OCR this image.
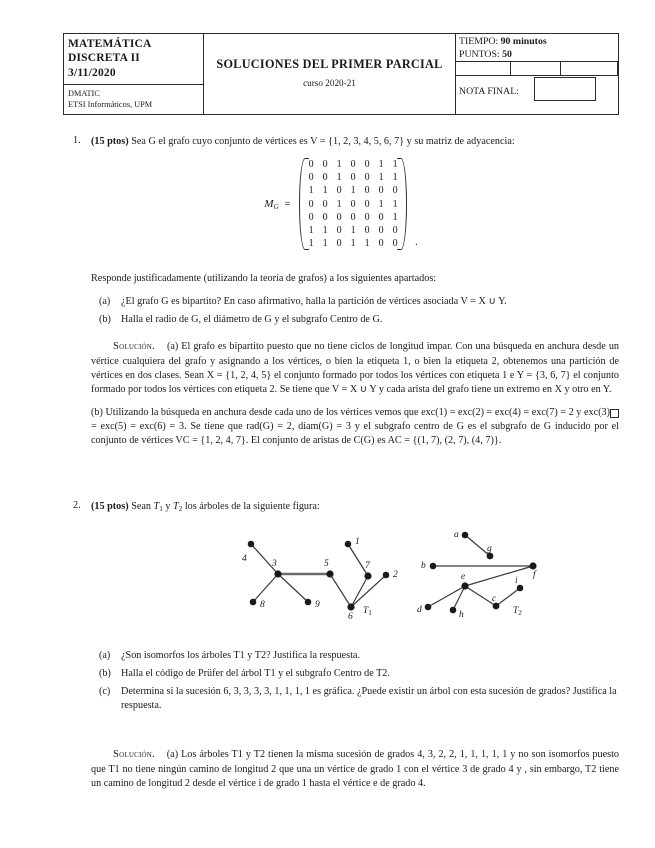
MATEMÁTICA
DISCRETA II
3/11/2020
DMATIC
ETSI Informáticos, UPM
SOLUCIONES DEL PRIMER PARCIAL
curso 2020-21
TIEMPO: 90 minutos
PUNTOS: 50
NOTA FINAL:
1. (15 ptos) Sea G el grafo cuyo conjunto de vértices es V = {1, 2, 3, 4, 5, 6, 7} y su matriz de adyacencia:
$M_G$ =
0	0	1	0	0	1	1
0	0	1	0	0	1	1
1	1	0	1	0	0	0
0	0	1	0	0	1	1
0	0	0	0	0	0	1
1	1	0	1	0	0	0
1	1	0	1	1	0	0 .
Responde justificadamente (utilizando la teoría de grafos) a los siguientes apartados:
(a) ¿El grafo G es bipartito? En caso afirmativo, halla la partición de vértices asociada V = X ∪ Y.
(b) Halla el radio de G, el diámetro de G y el subgrafo Centro de G.
Solución. (a) El grafo es bipartito puesto que no tiene ciclos de longitud impar. Con una búsqueda en anchura desde un vértice cualquiera del grafo y asignando a los vértices, o bien la etiqueta 1, o bien la etiqueta 2, obtenemos una partición de vértices en dos clases. Sean X = {1, 2, 4, 5} el conjunto formado por todos los vértices con etiqueta 1 e Y = {3, 6, 7} el conjunto formado por todos los vértices con etiqueta 2. Se tiene que V = X ∪ Y y cada arista del grafo tiene un extremo en X y otro en Y.
(b) Utilizando la búsqueda en anchura desde cada uno de los vértices vemos que exc(1) = exc(2) = exc(4) = exc(7) = 2 y exc(3) = exc(5) = exc(6) = 3. Se tiene que rad(G) = 2, diam(G) = 3 y el subgrafo centro de G es el subgrafo de G inducido por el conjunto de vértices VC = {1, 2, 4, 7}. El conjunto de aristas de C(G) es AC = {(1, 7), (2, 7), (4, 7)}.
2. (15 ptos) Sean T1 y T2 los árboles de la siguiente figura:
4	3
8	9
5
6
7
1
2
T1
a
g
b
f
e
d	h
c
i
T2
(a) ¿Son isomorfos los árboles T1 y T2? Justifica la respuesta.
(b) Halla el código de Prüfer del árbol T1 y el subgrafo Centro de T2.
(c) Determina si la sucesión 6, 3, 3, 3, 3, 1, 1, 1, 1 es gráfica. ¿Puede existir un árbol con esta sucesión de grados? Justifica la respuesta.
Solución. (a) Los árboles T1 y T2 tienen la misma sucesión de grados 4, 3, 2, 2, 1, 1, 1, 1, 1 y no son isomorfos puesto que T1 no tiene ningún camino de longitud 2 que una un vértice de grado 1 con el vértice 3 de grado 4 y , sin embargo, T2 tiene un camino de longitud 2 desde el vértice i de grado 1 hasta el vértice e de grado 4.
